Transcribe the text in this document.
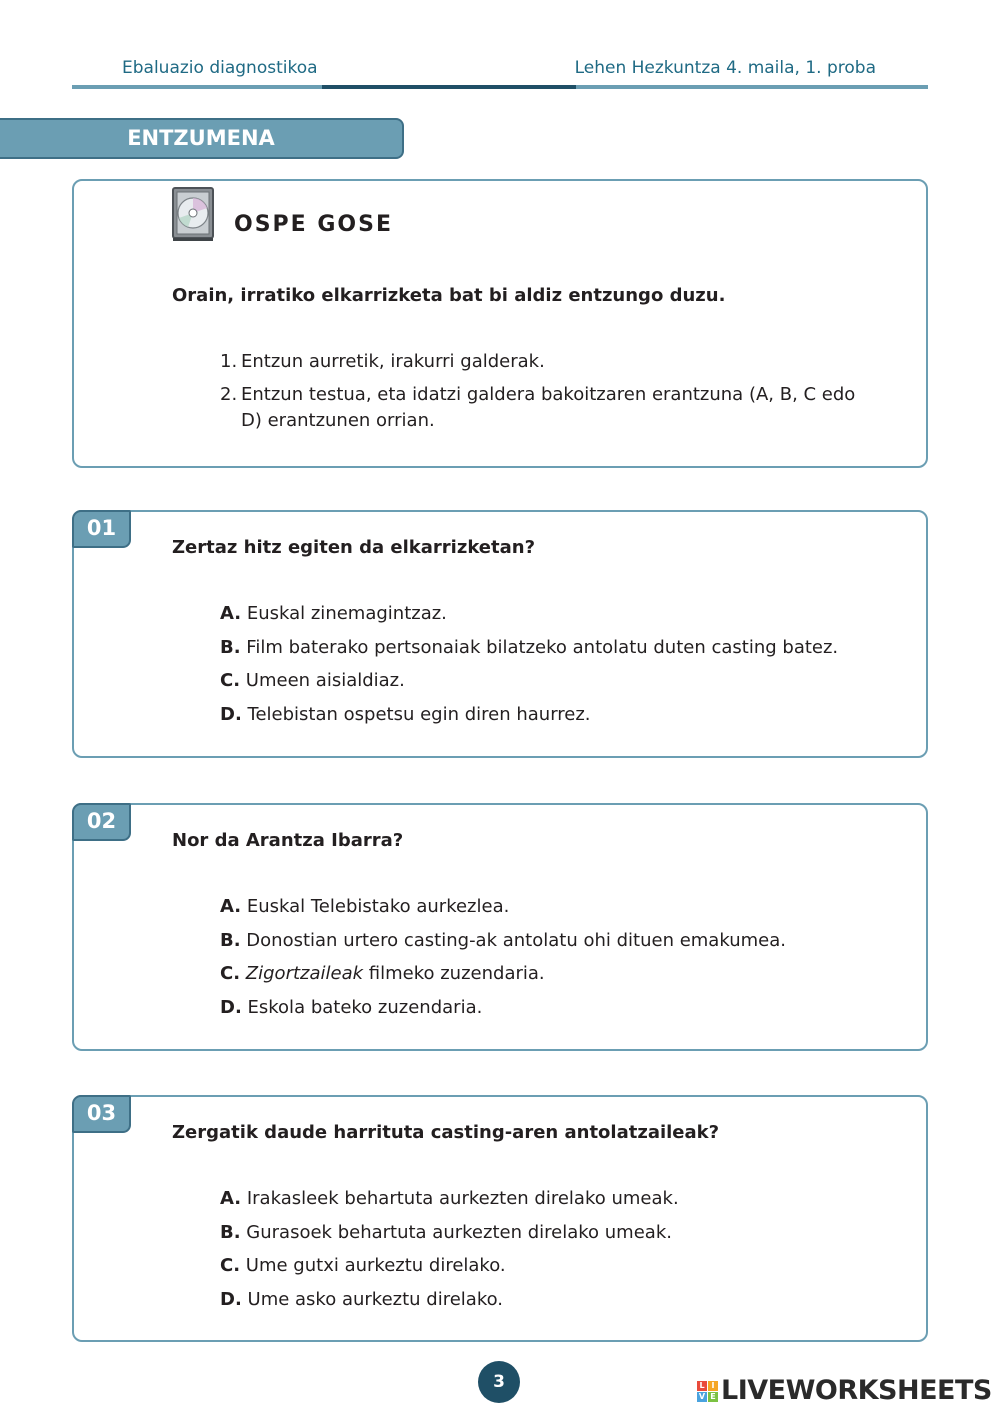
Ebaluazio diagnostikoa	Lehen Hezkuntza 4. maila, 1. proba
ENTZUMENA
OSPE GOSE
Orain, irratiko elkarrizketa bat bi aldiz entzungo duzu.
1. Entzun aurretik, irakurri galderak.
2. Entzun testua, eta idatzi galdera bakoitzaren erantzuna (A, B, C edo D) erantzunen orrian.
01
Zertaz hitz egiten da elkarrizketan?
A. Euskal zinemagintzaz.
B. Film baterako pertsonaiak bilatzeko antolatu duten casting batez.
C. Umeen aisialdiaz.
D. Telebistan ospetsu egin diren haurrez.
02
Nor da Arantza Ibarra?
A. Euskal Telebistako aurkezlea.
B. Donostian urtero casting-ak antolatu ohi dituen emakumea.
C. Zigortzaileak filmeko zuzendaria.
D. Eskola bateko zuzendaria.
03
Zergatik daude harrituta casting-aren antolatzaileak?
A. Irakasleek behartuta aurkezten direlako umeak.
B. Gurasoek behartuta aurkezten direlako umeak.
C. Ume gutxi aurkeztu direlako.
D. Ume asko aurkeztu direlako.
3	L I
V E LIVEWORKSHEETS
